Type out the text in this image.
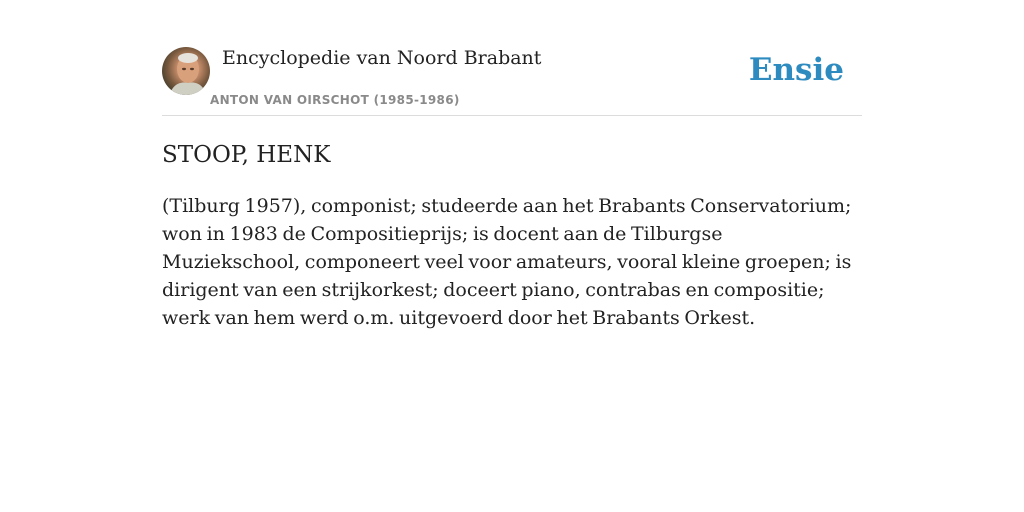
Encyclopedie van Noord Brabant
ANTON VAN OIRSCHOT (1985-1986)
Ensie
STOOP, HENK

(Tilburg 1957), componist; studeerde aan het Brabants Conservatorium; won in 1983 de Compositieprijs; is docent aan de Tilburgse Muziekschool, componeert veel voor amateurs, vooral kleine groepen; is dirigent van een strijkorkest; doceert piano, contrabas en compositie; werk van hem werd o.m. uitgevoerd door het Brabants Orkest.
